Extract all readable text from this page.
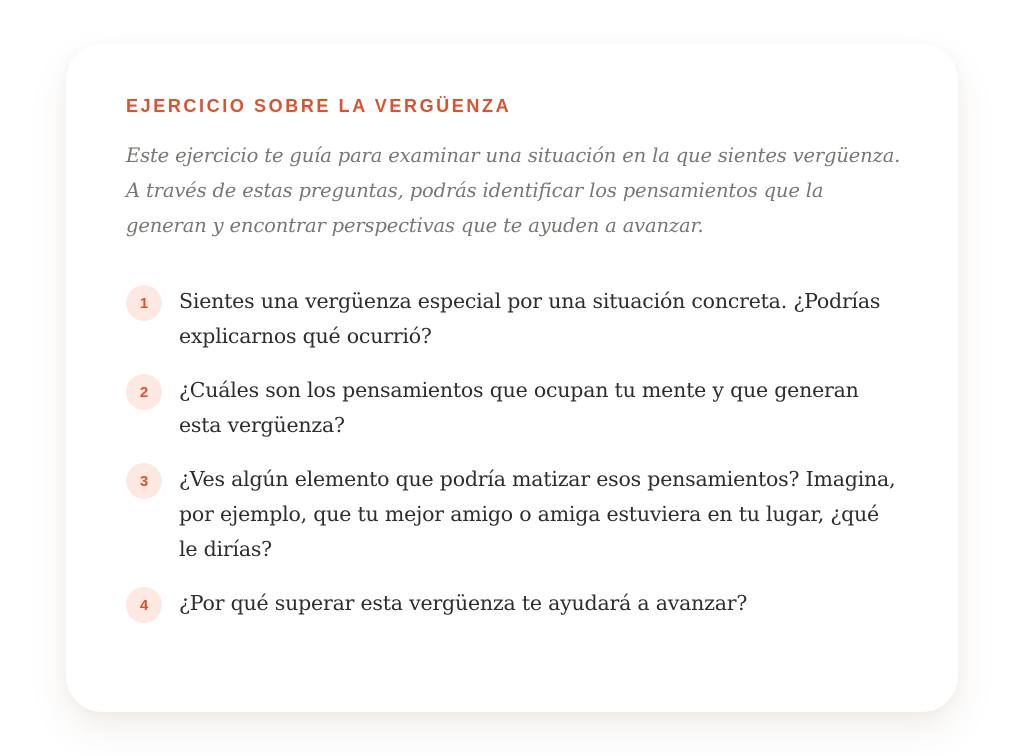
EJERCICIO SOBRE LA VERGÜENZA

Este ejercicio te guía para examinar una situación en la que sientes vergüenza. A través de estas preguntas, podrás identificar los pensamientos que la generan y encontrar perspectivas que te ayuden a avanzar.

1	Sientes una vergüenza especial por una situación concreta. ¿Podrías explicarnos qué ocurrió?
2	¿Cuáles son los pensamientos que ocupan tu mente y que generan esta vergüenza?
3	¿Ves algún elemento que podría matizar esos pensamientos? Imagina, por ejemplo, que tu mejor amigo o amiga estuviera en tu lugar, ¿qué le dirías?
4	¿Por qué superar esta vergüenza te ayudará a avanzar?
